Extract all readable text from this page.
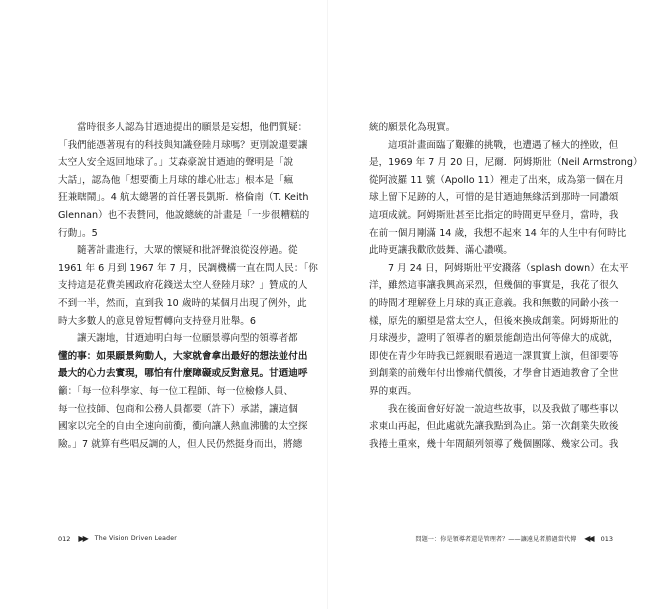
當時很多人認為甘迺迪提出的願景是妄想，他們質疑：
「我們能憑著現有的科技與知識登陸月球嗎？更別說還要讓
太空人安全返回地球了。」艾森豪說甘迺迪的聲明是「說
大話」，認為他「想要衝上月球的雄心壯志」根本是「瘋
狂兼瞎鬧」。4 航太總署的首任署長凱斯．格倫南（T. Keith
Glennan）也不表贊同，他說總統的計畫是「一步很糟糕的
行動」。5
隨著計畫進行，大眾的懷疑和批評聲浪從沒停過。從
1961 年 6 月到 1967 年 7 月，民調機構一直在問人民：「你
支持這是花費美國政府花錢送太空人登陸月球？」贊成的人
不到一半，然而，直到我 10 歲時的某個月出現了例外，此
時大多數人的意見曾短暫轉向支持登月壯舉。6
讓天謝地，甘迺迪明白每一位願景導向型的領導者都
懂的事：如果願景夠動人，大家就會拿出最好的想法並付出
最大的心力去實現，哪怕有什麼障礙或反對意見。甘迺迪呼
籲：「每一位科學家、每一位工程師、每一位檢修人員、
每一位技師、包商和公務人員都要（許下）承諾，讓這個
國家以完全的自由全速向前衝，衝向讓人熱血沸騰的太空探
險。」7 就算有些唱反調的人，但人民仍然挺身而出，將總
012 ▶▶ The Vision Driven Leader
統的願景化為現實。
這項計畫面臨了艱難的挑戰，也遭遇了極大的挫敗，但
是，1969 年 7 月 20 日，尼爾．阿姆斯壯（Neil Armstrong）
從阿波羅 11 號（Apollo 11）裡走了出來，成為第一個在月
球上留下足跡的人，可惜的是甘迺迪無緣活到那時一同讚頌
這項成就。阿姆斯壯甚至比指定的時間更早登月，當時，我
在前一個月剛滿 14 歲，我想不起來 14 年的人生中有何時比
此時更讓我歡欣鼓舞、滿心讚嘆。
7 月 24 日，阿姆斯壯平安濺落（splash down）在太平
洋，雖然這事讓我興高采烈，但幾個的事實是，我花了很久
的時間才理解登上月球的真正意義。我和無數的同齡小孩一
樣，原先的願望是當太空人，但後來換成創業。阿姆斯壯的
月球漫步，證明了領導者的願景能創造出何等偉大的成就，
即使在青少年時我已經親眼看過這一課貫實上演，但卻要等
到創業的前幾年付出慘痛代價後，才學會甘迺迪教會了全世
界的東西。
我在後面會好好說一說這些故事，以及我做了哪些事以
求東山再起，但此處就先讓我點到為止。第一次創業失敗後
我捲土重來，幾十年間顛列領導了幾個團隊、幾家公司。我
問題一：你是領導者還是管理者？——讓遠見者勝過當代傳 ◀◀ 013
